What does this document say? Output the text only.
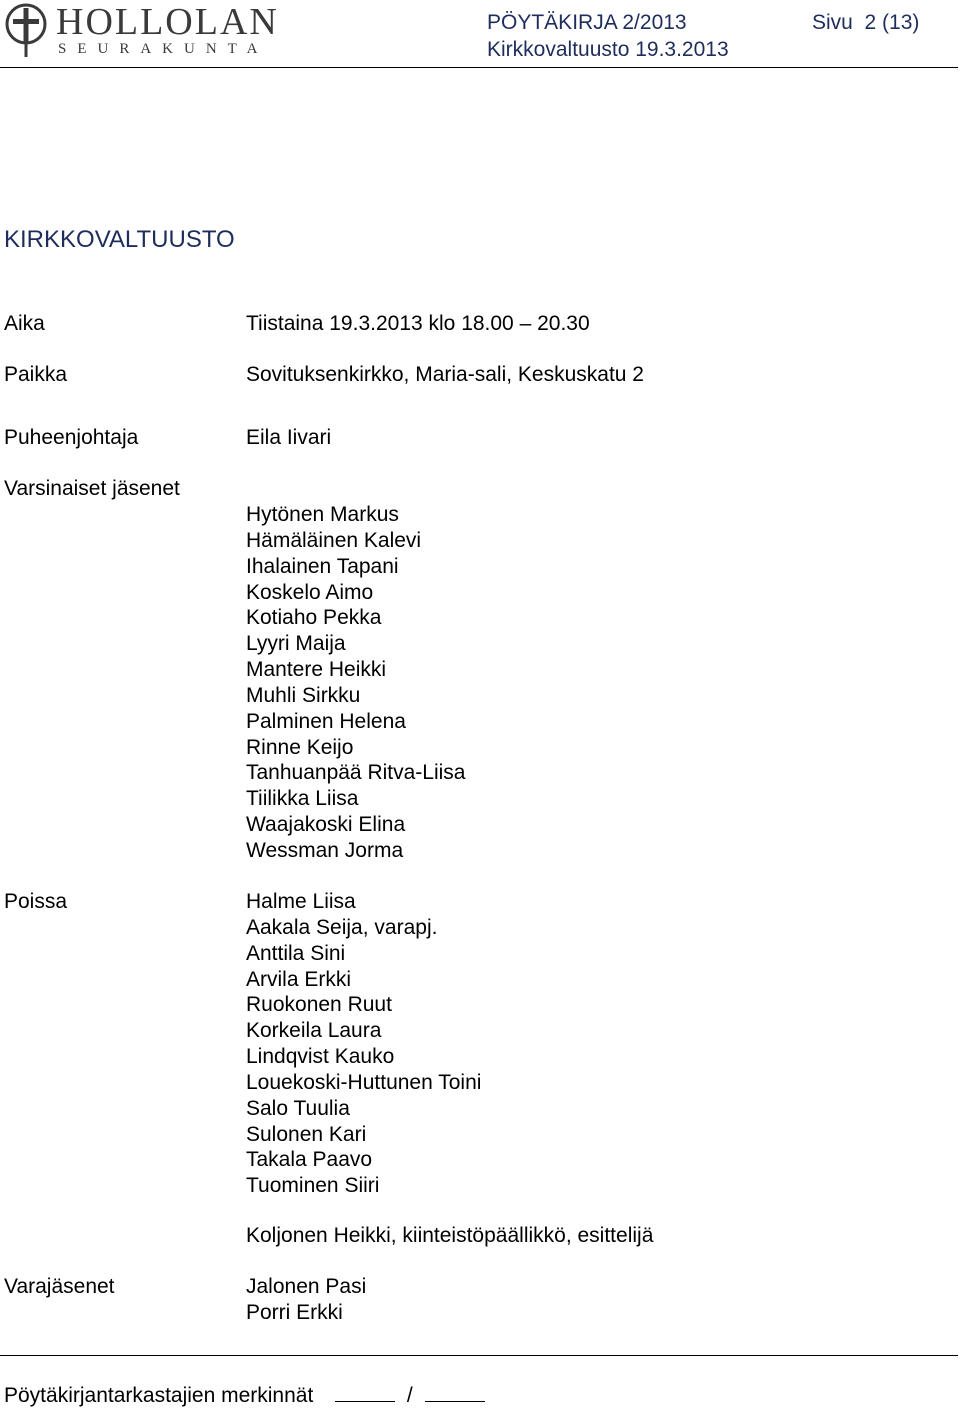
HOLLOLAN
SEURAKUNTA
PÖYTÄKIRJA 2/2013	Sivu  2 (13)
Kirkkovaltuusto 19.3.2013
KIRKKOVALTUUSTO
Aika	Tiistaina 19.3.2013 klo 18.00 – 20.30
Paikka	Sovituksenkirkko, Maria-sali, Keskuskatu 2
Puheenjohtaja	Eila Iivari
Varsinaiset jäsenet
Hytönen Markus
Hämäläinen Kalevi
Ihalainen Tapani
Koskelo Aimo
Kotiaho Pekka
Lyyri Maija
Mantere Heikki
Muhli Sirkku
Palminen Helena
Rinne Keijo
Tanhuanpää Ritva-Liisa
Tiilikka Liisa
Waajakoski Elina
Wessman Jorma
Poissa	Halme Liisa
Aakala Seija, varapj.
Anttila Sini
Arvila Erkki
Ruokonen Ruut
Korkeila Laura
Lindqvist Kauko
Louekoski-Huttunen Toini
Salo Tuulia
Sulonen Kari
Takala Paavo
Tuominen Siiri
Koljonen Heikki, kiinteistöpäällikkö, esittelijä
Varajäsenet	Jalonen Pasi
Porri Erkki
Pöytäkirjantarkastajien merkinnät	/
